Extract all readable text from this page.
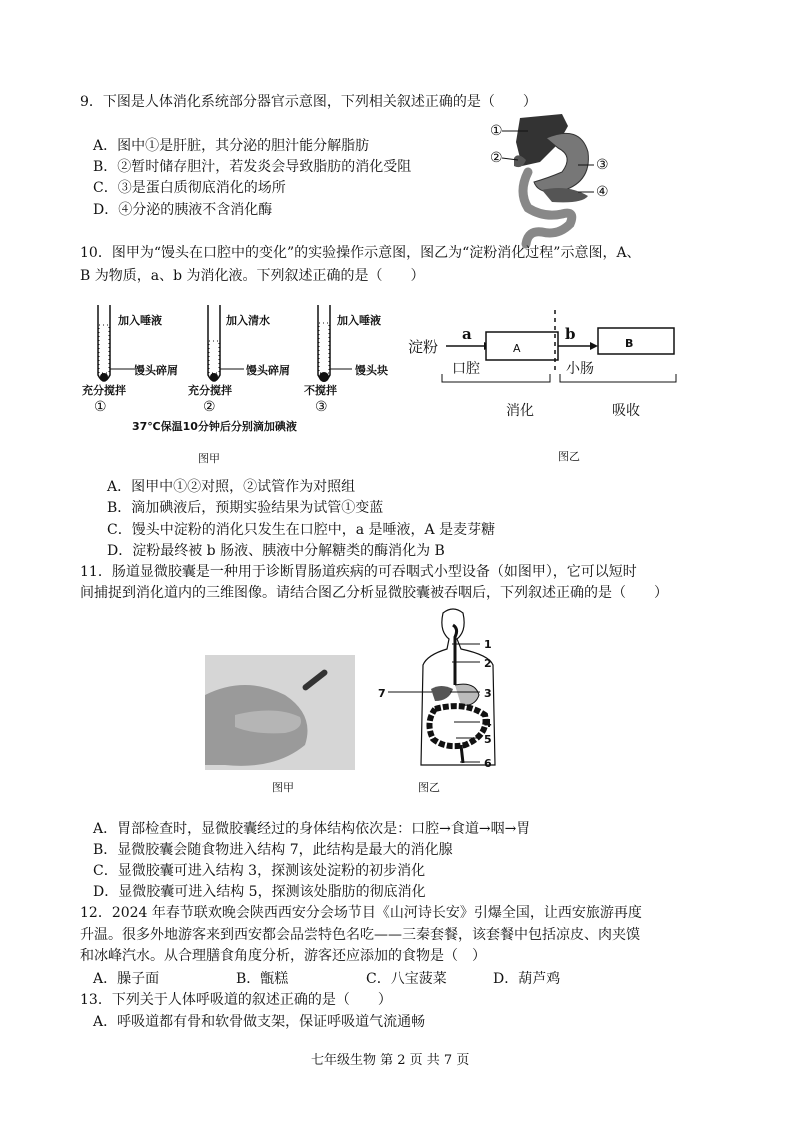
9．下图是人体消化系统部分器官示意图，下列相关叙述正确的是（　　）
A．图中①是肝脏，其分泌的胆汁能分解脂肪
B．②暂时储存胆汁，若发炎会导致脂肪的消化受阻
C．③是蛋白质彻底消化的场所
D．④分泌的胰液不含消化酶
①
②	③
④
10．图甲为“馒头在口腔中的变化”的实验操作示意图，图乙为“淀粉消化过程”示意图，A、
B 为物质，a、b 为消化液。下列叙述正确的是（　　）
加入唾液	加入清水	加入唾液
馒头碎屑	馒头碎屑	馒头块
充分搅拌	充分搅拌	不搅拌
①	②	③
37℃保温10分钟后分别滴加碘液
图甲
淀粉
a	b
A	B
口腔	小肠
消化	吸收
图乙
A．图甲中①②对照，②试管作为对照组
B．滴加碘液后，预期实验结果为试管①变蓝
C．馒头中淀粉的消化只发生在口腔中，a 是唾液，A 是麦芽糖
D．淀粉最终被 b 肠液、胰液中分解糖类的酶消化为 B
11．肠道显微胶囊是一种用于诊断胃肠道疾病的可吞咽式小型设备（如图甲），它可以短时
间捕捉到消化道内的三维图像。请结合图乙分析显微胶囊被吞咽后，下列叙述正确的是（　　）
1
2
3
4
5
6
7
图甲	图乙
A．胃部检查时，显微胶囊经过的身体结构依次是：口腔→食道→咽→胃
B．显微胶囊会随食物进入结构 7，此结构是最大的消化腺
C．显微胶囊可进入结构 3，探测该处淀粉的初步消化
D．显微胶囊可进入结构 5，探测该处脂肪的彻底消化
12．2024 年春节联欢晚会陕西西安分会场节目《山河诗长安》引爆全国，让西安旅游再度
升温。很多外地游客来到西安都会品尝特色名吃——三秦套餐，该套餐中包括凉皮、肉夹馍
和冰峰汽水。从合理膳食角度分析，游客还应添加的食物是（　）
A．臊子面	B．甑糕	C．八宝菠菜	D．葫芦鸡
13．下列关于人体呼吸道的叙述正确的是（　　）
A．呼吸道都有骨和软骨做支架，保证呼吸道气流通畅
七年级生物 第 2 页 共 7 页
